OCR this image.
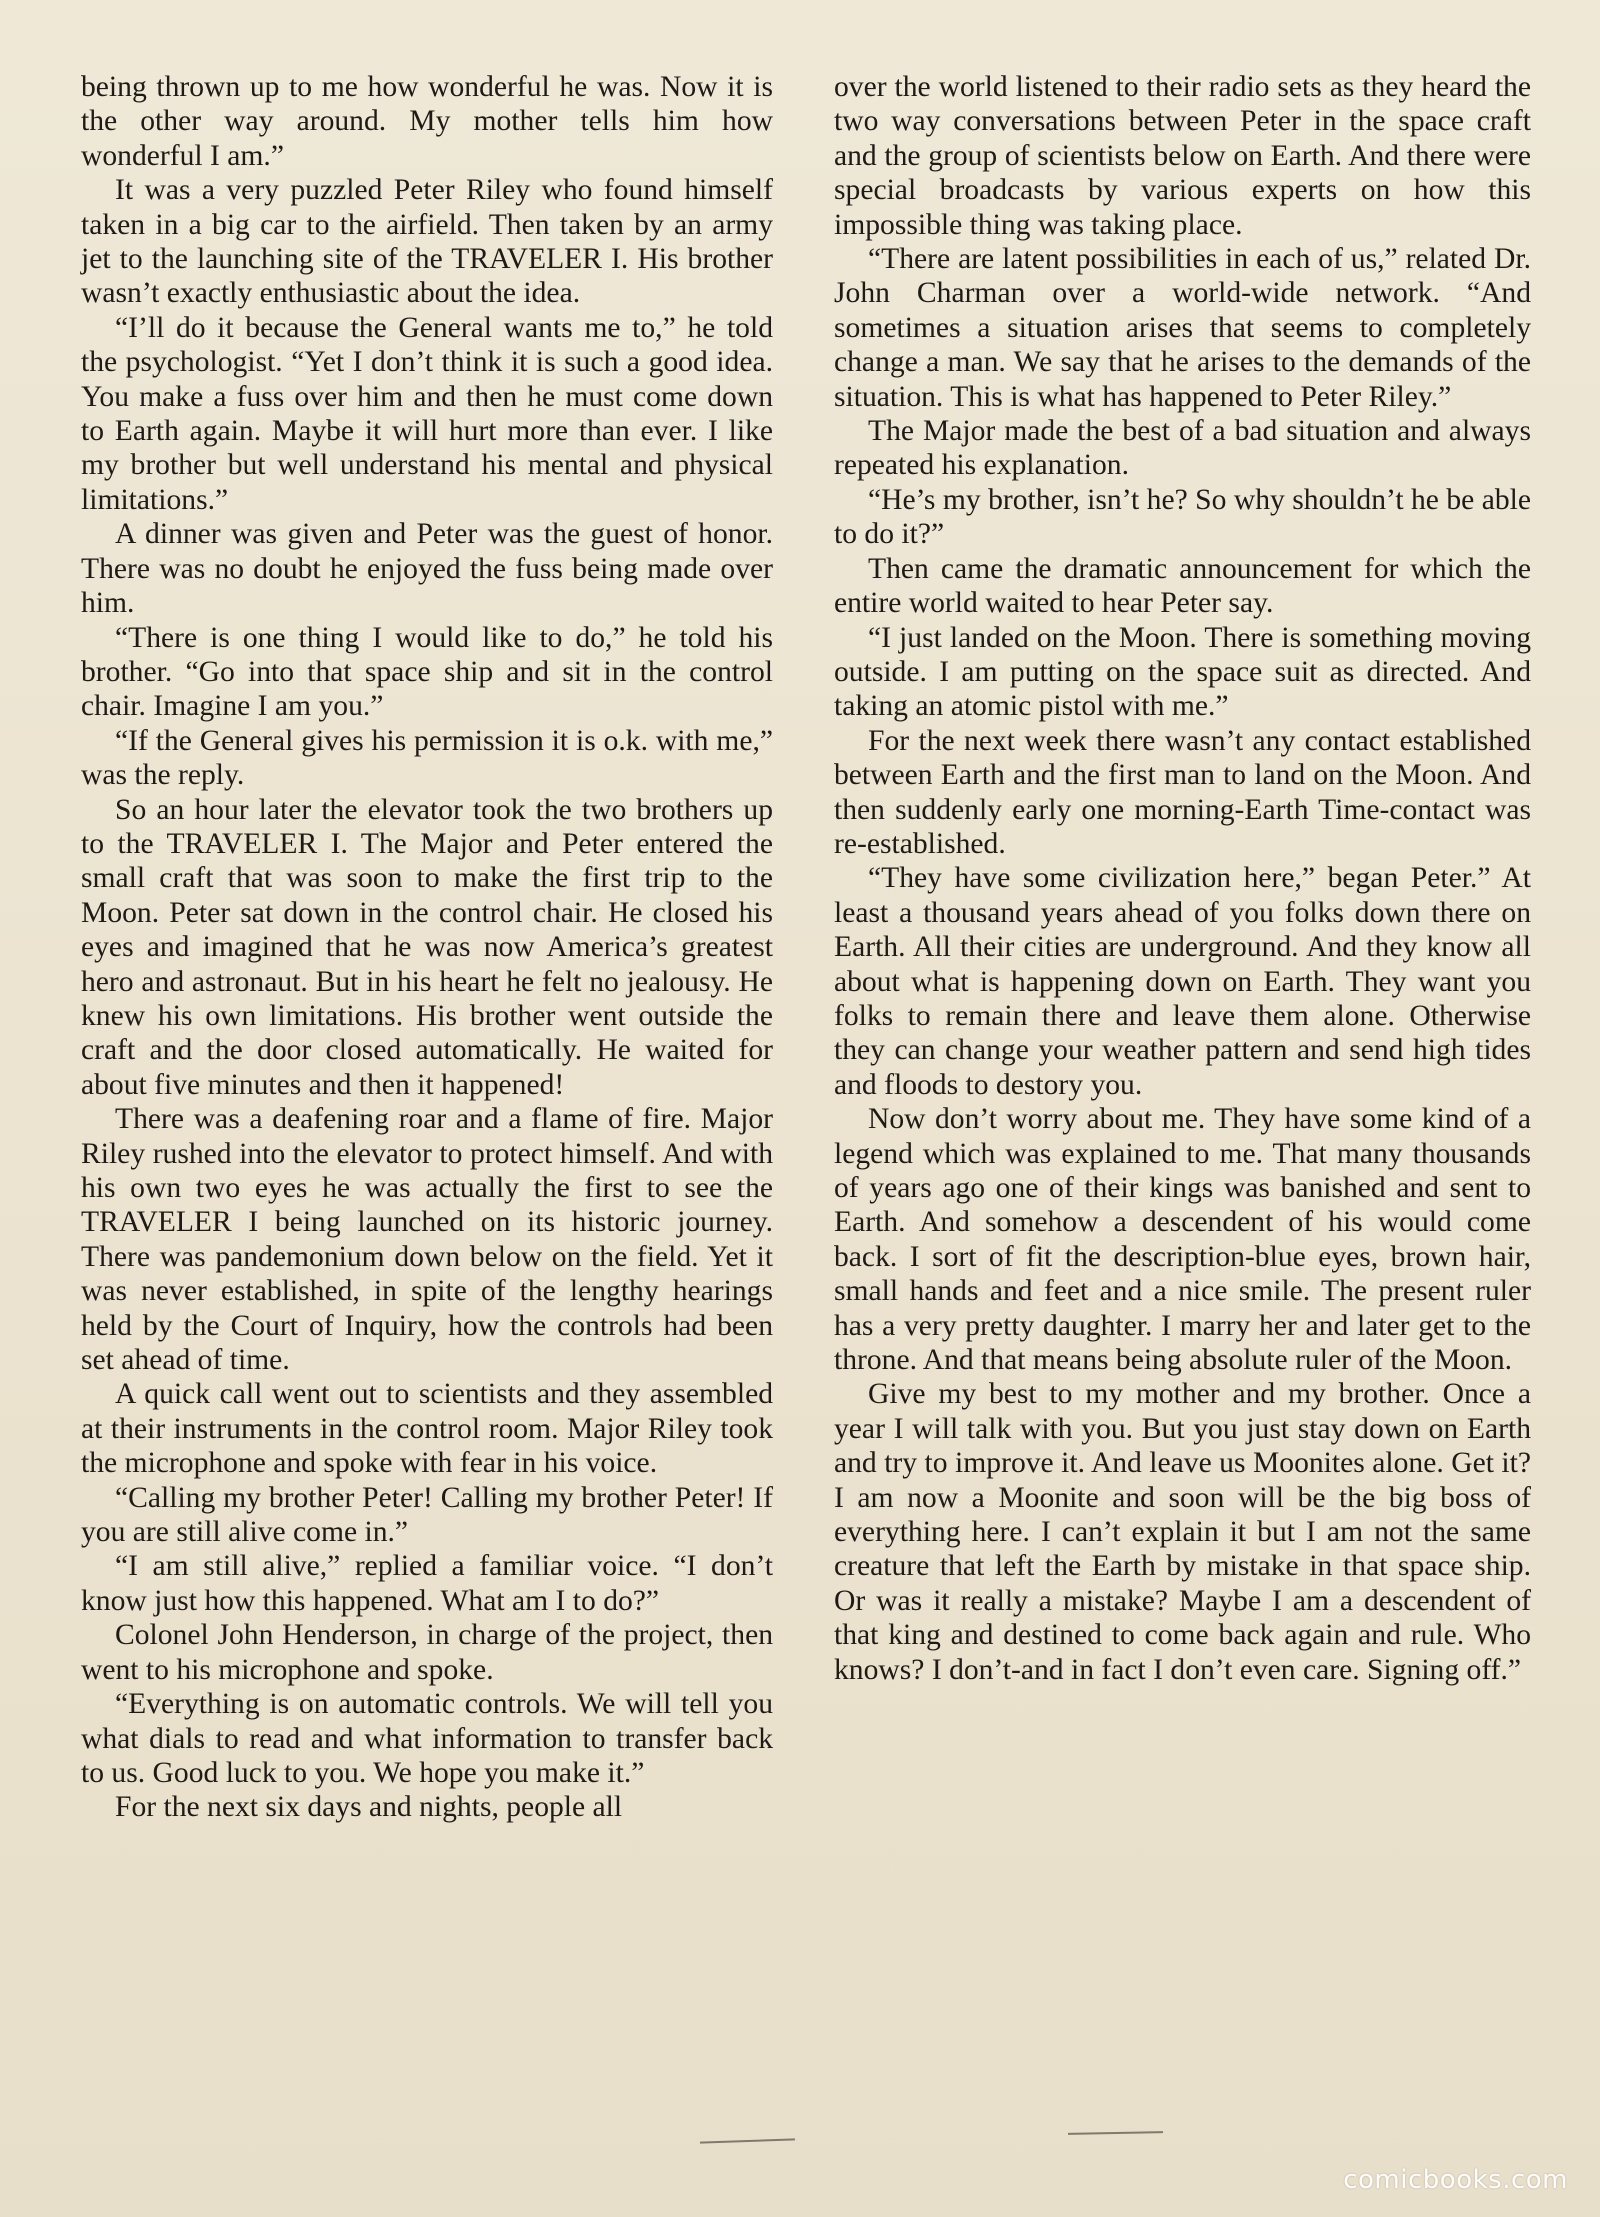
being thrown up to me how wonderful he was. Now it is the other way around. My mother tells him how wonderful I am.”

It was a very puzzled Peter Riley who found himself taken in a big car to the airfield. Then taken by an army jet to the launching site of the TRAVELER I. His brother wasn’t exactly enthusiastic about the idea.

“I’ll do it because the General wants me to,” he told the psychologist. “Yet I don’t think it is such a good idea. You make a fuss over him and then he must come down to Earth again. Maybe it will hurt more than ever. I like my brother but well understand his mental and physical limitations.”

A dinner was given and Peter was the guest of honor. There was no doubt he enjoyed the fuss being made over him.

“There is one thing I would like to do,” he told his brother. “Go into that space ship and sit in the control chair. Imagine I am you.”

“If the General gives his permission it is o.k. with me,” was the reply.

So an hour later the elevator took the two brothers up to the TRAVELER I. The Major and Peter entered the small craft that was soon to make the first trip to the Moon. Peter sat down in the control chair. He closed his eyes and imagined that he was now America’s greatest hero and astronaut. But in his heart he felt no jealousy. He knew his own limitations. His brother went outside the craft and the door closed automatically. He waited for about five minutes and then it happened!

There was a deafening roar and a flame of fire. Major Riley rushed into the elevator to protect himself. And with his own two eyes he was actually the first to see the TRAVELER I being launched on its historic journey. There was pandemonium down below on the field. Yet it was never established, in spite of the lengthy hearings held by the Court of Inquiry, how the controls had been set ahead of time.

A quick call went out to scientists and they assembled at their instruments in the control room. Major Riley took the microphone and spoke with fear in his voice.

“Calling my brother Peter! Calling my brother Peter! If you are still alive come in.”

“I am still alive,” replied a familiar voice. “I don’t know just how this happened. What am I to do?”

Colonel John Henderson, in charge of the project, then went to his microphone and spoke.

“Everything is on automatic controls. We will tell you what dials to read and what information to transfer back to us. Good luck to you. We hope you make it.”

For the next six days and nights, people all

over the world listened to their radio sets as they heard the two way conversations between Peter in the space craft and the group of scientists below on Earth. And there were special broadcasts by various experts on how this impossible thing was taking place.

“There are latent possibilities in each of us,” related Dr. John Charman over a world-wide network. “And sometimes a situation arises that seems to completely change a man. We say that he arises to the demands of the situation. This is what has happened to Peter Riley.”

The Major made the best of a bad situation and always repeated his explanation.

“He’s my brother, isn’t he? So why shouldn’t he be able to do it?”

Then came the dramatic announcement for which the entire world waited to hear Peter say.

“I just landed on the Moon. There is something moving outside. I am putting on the space suit as directed. And taking an atomic pistol with me.”

For the next week there wasn’t any contact established between Earth and the first man to land on the Moon. And then suddenly early one morning-Earth Time-contact was re-established.

“They have some civilization here,” began Peter.” At least a thousand years ahead of you folks down there on Earth. All their cities are underground. And they know all about what is happening down on Earth. They want you folks to remain there and leave them alone. Otherwise they can change your weather pattern and send high tides and floods to destory you.

Now don’t worry about me. They have some kind of a legend which was explained to me. That many thousands of years ago one of their kings was banished and sent to Earth. And somehow a descendent of his would come back. I sort of fit the description-blue eyes, brown hair, small hands and feet and a nice smile. The present ruler has a very pretty daughter. I marry her and later get to the throne. And that means being absolute ruler of the Moon.

Give my best to my mother and my brother. Once a year I will talk with you. But you just stay down on Earth and try to improve it. And leave us Moonites alone. Get it? I am now a Moonite and soon will be the big boss of everything here. I can’t explain it but I am not the same creature that left the Earth by mistake in that space ship. Or was it really a mistake? Maybe I am a descendent of that king and destined to come back again and rule. Who knows? I don’t-and in fact I don’t even care. Signing off.”

comicbooks.com
